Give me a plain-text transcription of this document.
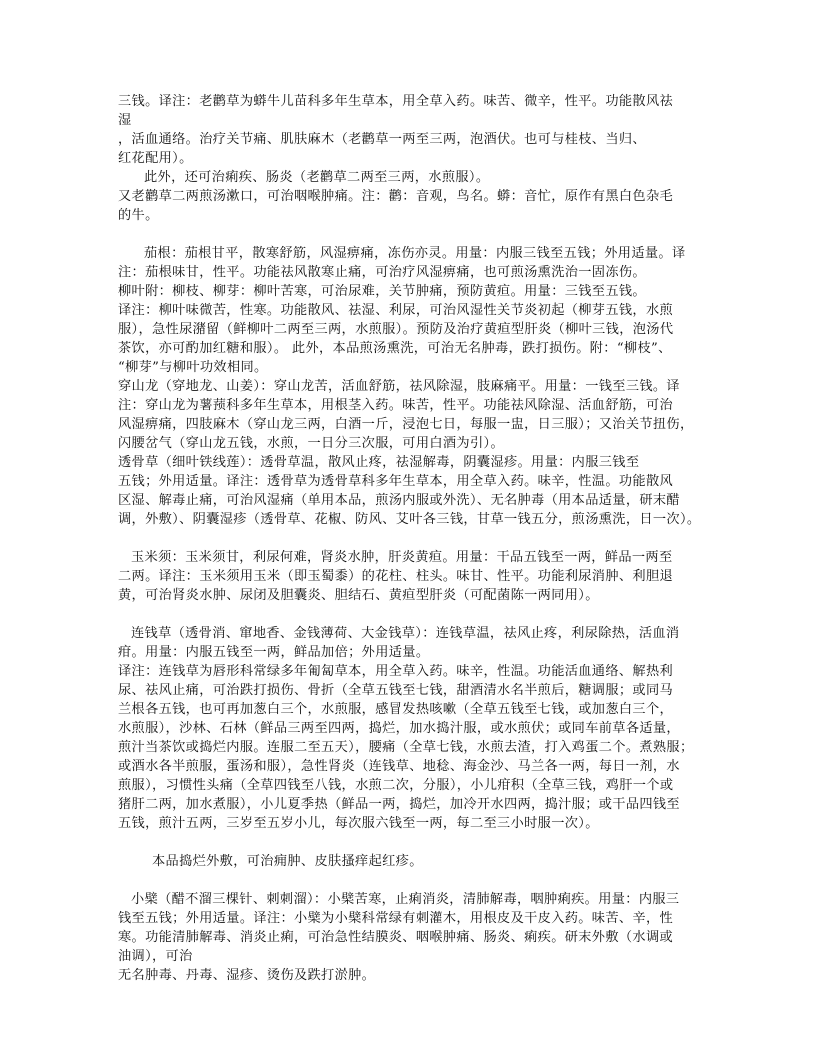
三钱。译注：老鹳草为蟒牛儿苗科多年生草本，用全草入药。味苦、微辛，性平。功能散风祛
湿
，活血通络。治疗关节痛、肌肤麻木（老鹳草一两至三两，泡酒伏。也可与桂枝、当归、
红花配用）。
此外，还可治痢疾、肠炎（老鹳草二两至三两，水煎服）。
又老鹳草二两煎汤漱口，可治咽喉肿痛。注：鹳：音观，鸟名。蟒：音忙，原作有黑白色杂毛
的牛。
茄根：茄根甘平，散寒舒筋，风湿痹痛，冻伤亦灵。用量：内服三钱至五钱；外用适量。译
注：茄根味甘，性平。功能祛风散寒止痛，可治疗风湿痹痛，也可煎汤熏洗治一固冻伤。
柳叶附：柳枝、柳芽：柳叶苦寒，可治尿难，关节肿痛，预防黄疸。用量：三钱至五钱。
译注：柳叶味微苦，性寒。功能散风、祛湿、利尿，可治风湿性关节炎初起（柳芽五钱，水煎
服），急性尿潴留（鲜柳叶二两至三两，水煎服）。预防及治疗黄疸型肝炎（柳叶三钱，泡汤代
茶饮，亦可酌加红糖和服）。 此外，本品煎汤熏洗，可治无名肿毒，跌打损伤。附：“柳枝”、
“柳芽”与柳叶功效相同。
穿山龙（穿地龙、山姜）：穿山龙苦，活血舒筋，祛风除湿，肢麻痛平。用量：一钱至三钱。译
注：穿山龙为薯蓣科多年生草本，用根茎入药。味苦，性平。功能祛风除湿、活血舒筋，可治
风湿痹痛，四肢麻木（穿山龙三两，白酒一斤，浸泡七日，每服一盅，日三服）；又治关节扭伤，
闪腰岔气（穿山龙五钱，水煎，一日分三次服，可用白酒为引）。
透骨草（细叶铁线莲）：透骨草温，散风止疼，祛湿解毒，阴囊湿疹。用量：内服三钱至
五钱；外用适量。译注：透骨草为透骨草科多年生草本，用全草入药。味辛，性温。功能散风
区湿、解毒止痛，可治风湿痛（单用本品，煎汤内服或外洗）、无名肿毒（用本品适量，研末醋
调，外敷）、阴囊湿疹（透骨草、花椒、防风、艾叶各三钱，甘草一钱五分，煎汤熏洗，日一次）。
玉米须：玉米须甘，利尿何难，肾炎水肿，肝炎黄疸。用量：干品五钱至一两，鲜品一两至
二两。译注：玉米须用玉米（即玉蜀黍）的花柱、柱头。味甘、性平。功能利尿消肿、利胆退
黄，可治肾炎水肿、尿闭及胆囊炎、胆结石、黄疸型肝炎（可配菌陈一两同用）。
连钱草（透骨消、窜地香、金钱薄荷、大金钱草）：连钱草温，祛风止疼，利尿除热，活血消
疳。用量：内服五钱至一两，鲜品加倍；外用适量。
译注：连钱草为唇形科常绿多年匍匐草本，用全草入药。味辛，性温。功能活血通络、解热利
尿、祛风止痛，可治跌打损伤、骨折（全草五钱至七钱，甜酒清水名半煎后，糖调服；或同马
兰根各五钱，也可再加葱白三个，水煎服，感冒发热咳嗽（全草五钱至七钱，或加葱白三个，
水煎服），沙林、石林（鲜品三两至四两，捣烂，加水捣汁服，或水煎伏；或同车前草各适量，
煎汁当茶饮或捣烂内服。连服二至五天），腰痛（全草七钱，水煎去渣，打入鸡蛋二个。煮熟服；
或酒水各半煎服，蛋汤和服），急性肾炎（连钱草、地稔、海金沙、马兰各一两，每日一剂，水
煎服），习惯性头痛（全草四钱至八钱，水煎二次，分服），小儿疳积（全草三钱，鸡肝一个或
猪肝二两，加水煮服），小儿夏季热（鲜品一两，捣烂，加冷开水四两，捣汁服；或干品四钱至
五钱，煎汁五两，三岁至五岁小儿，每次服六钱至一两，每二至三小时服一次）。
本品捣烂外敷，可治痈肿、皮肤搔痒起红疹。
小檗（醋不溜三棵针、刺刺溜）：小檗苦寒，止痢消炎，清肺解毒，咽肿痢疾。用量：内服三
钱至五钱；外用适量。译注：小檗为小檗科常绿有刺灌木，用根皮及干皮入药。味苦、辛，性
寒。功能清肺解毒、消炎止痢，可治急性结膜炎、咽喉肿痛、肠炎、痢疾。研末外敷（水调或
油调），可治
无名肿毒、丹毒、湿疹、烫伤及跌打淤肿。
